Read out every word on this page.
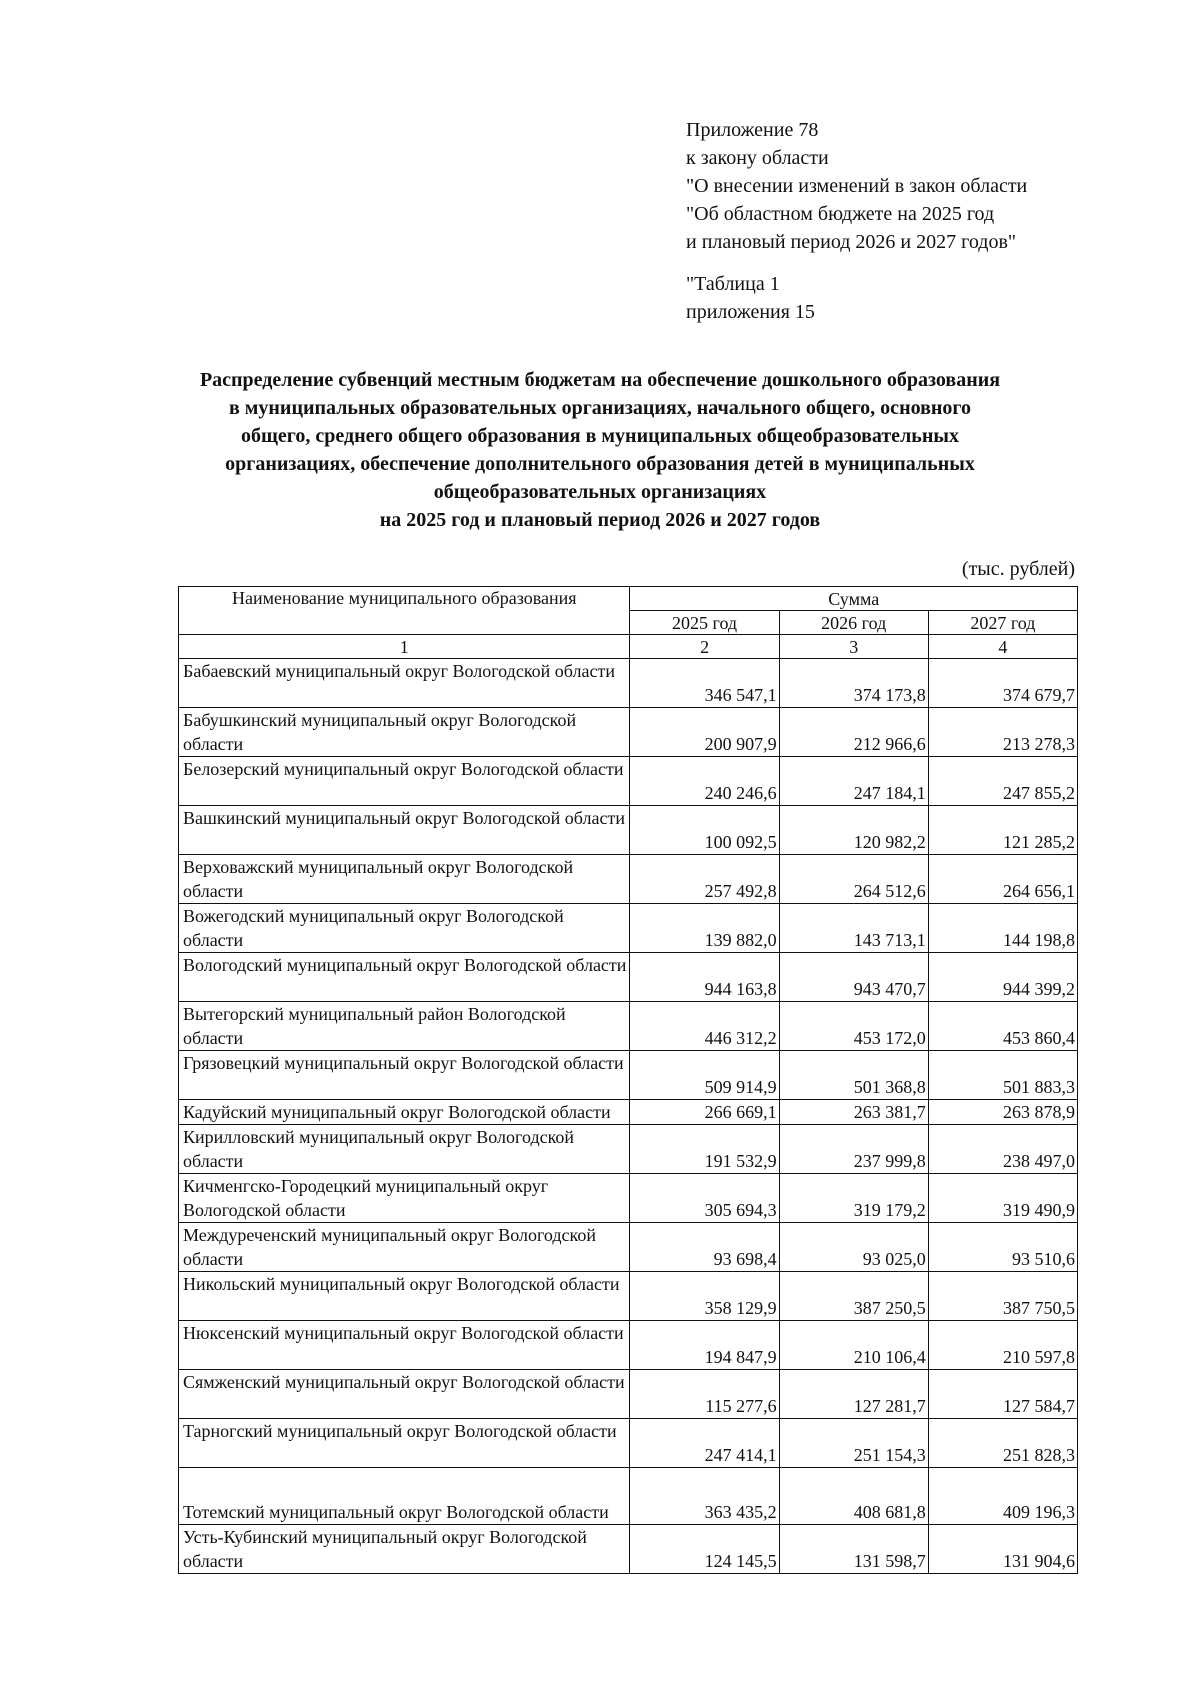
Приложение 78
к закону области
"О внесении изменений в закон области
"Об областном бюджете на 2025 год
и плановый период 2026 и 2027 годов"
"Таблица 1
приложения 15
Распределение субвенций местным бюджетам на обеспечение дошкольного образования
в муниципальных образовательных организациях, начального общего, основного
общего, среднего общего образования в муниципальных общеобразовательных
организациях, обеспечение дополнительного образования детей в муниципальных
общеобразовательных организациях
на 2025 год и плановый период 2026 и 2027 годов
(тыс. рублей)
Наименование муниципального образования	Сумма		
	2025 год	2026 год	2027 год
1	2	3	4
Бабаевский муниципальный округ Вологодской области	346 547,1	374 173,8	374 679,7
Бабушкинский муниципальный округ Вологодской области	200 907,9	212 966,6	213 278,3
Белозерский муниципальный округ Вологодской области	240 246,6	247 184,1	247 855,2
Вашкинский муниципальный округ Вологодской области	100 092,5	120 982,2	121 285,2
Верховажский муниципальный округ Вологодской области	257 492,8	264 512,6	264 656,1
Вожегодский муниципальный округ Вологодской области	139 882,0	143 713,1	144 198,8
Вологодский муниципальный округ Вологодской области	944 163,8	943 470,7	944 399,2
Вытегорский муниципальный район Вологодской области	446 312,2	453 172,0	453 860,4
Грязовецкий муниципальный округ Вологодской области	509 914,9	501 368,8	501 883,3
Кадуйский муниципальный округ Вологодской области	266 669,1	263 381,7	263 878,9
Кирилловский муниципальный округ Вологодской области	191 532,9	237 999,8	238 497,0
Кичменгско-Городецкий муниципальный округ Вологодской области	305 694,3	319 179,2	319 490,9
Междуреченский муниципальный округ Вологодской области	93 698,4	93 025,0	93 510,6
Никольский муниципальный округ Вологодской области	358 129,9	387 250,5	387 750,5
Нюксенский муниципальный округ Вологодской области	194 847,9	210 106,4	210 597,8
Сямженский муниципальный округ Вологодской области	115 277,6	127 281,7	127 584,7
Тарногский муниципальный округ Вологодской области	247 414,1	251 154,3	251 828,3
Тотемский муниципальный округ Вологодской области	363 435,2	408 681,8	409 196,3
Усть-Кубинский муниципальный округ Вологодской области	124 145,5	131 598,7	131 904,6
